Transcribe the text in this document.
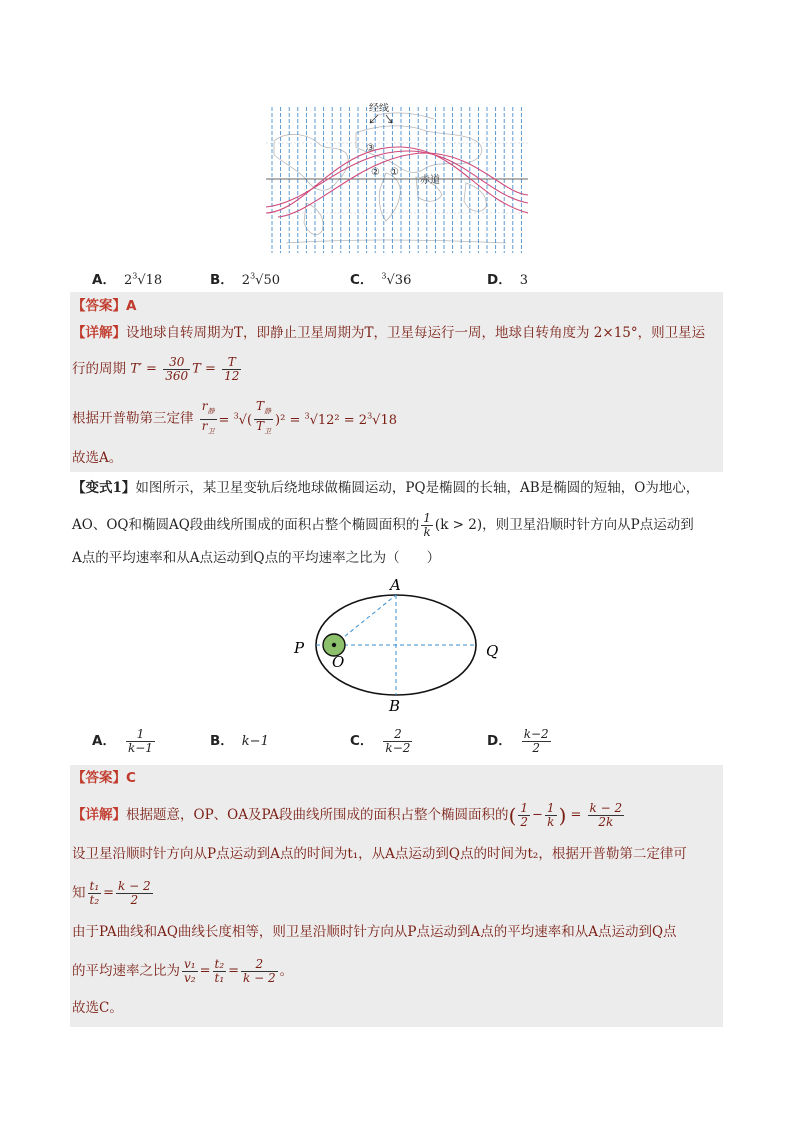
经线
③
② ①
赤道
A． $2^3√18$	B． $2^3√50$	C． $^3$√36	D． 3
【答案】A
【详解】设地球自转周期为T，即静止卫星周期为T，卫星每运行一周，地球自转角度为 2×15°，则卫星运
行的周期 $T' = \frac{30}{360}$ $T = \frac{T}{12}$
根据开普勒第三定律 $\frac{r_静}{r_卫} = ^3√( \frac{T_静}{T_卫} )^2 = ^3√12^2 = 2^3√18$
故选A。
【变式1】如图所示，某卫星变轨后绕地球做椭圆运动，PQ是椭圆的长轴，AB是椭圆的短轴，O为地心，
AO、OQ和椭圆AQ段曲线所围成的面积占整个椭圆面积的 $\frac{1}{k} (k > 2)$，则卫星沿顺时针方向从P点运动到
A点的平均速率和从A点运动到Q点的平均速率之比为（　　）
A
B
P	Q
O
A． $\frac{1}{k-1}$	B． k−1	C． $\frac{2}{k-2}$	D． $\frac{k-2}{2}$
【答案】C
【详解】根据题意，OP、OA及PA段曲线所围成的面积占整个椭圆面积的( $\frac{1}{2} - \frac{1}{k}$ ) = $\frac{k - 2}{2k}$
设卫星沿顺时针方向从P点运动到A点的时间为t₁，从A点运动到Q点的时间为t₂，根据开普勒第二定律可
知 $\frac{\text{t₁}}{\text{t₂}} = \frac{k - 2}{2}$
由于PA曲线和AQ曲线长度相等，则卫星沿顺时针方向从P点运动到A点的平均速率和从A点运动到Q点
的平均速率之比为 $\frac{\text{v₁}}{\text{v₂}} = \frac{\text{t₂}}{\text{t₁}} = \frac{2}{k - 2}$ 。
故选C。
